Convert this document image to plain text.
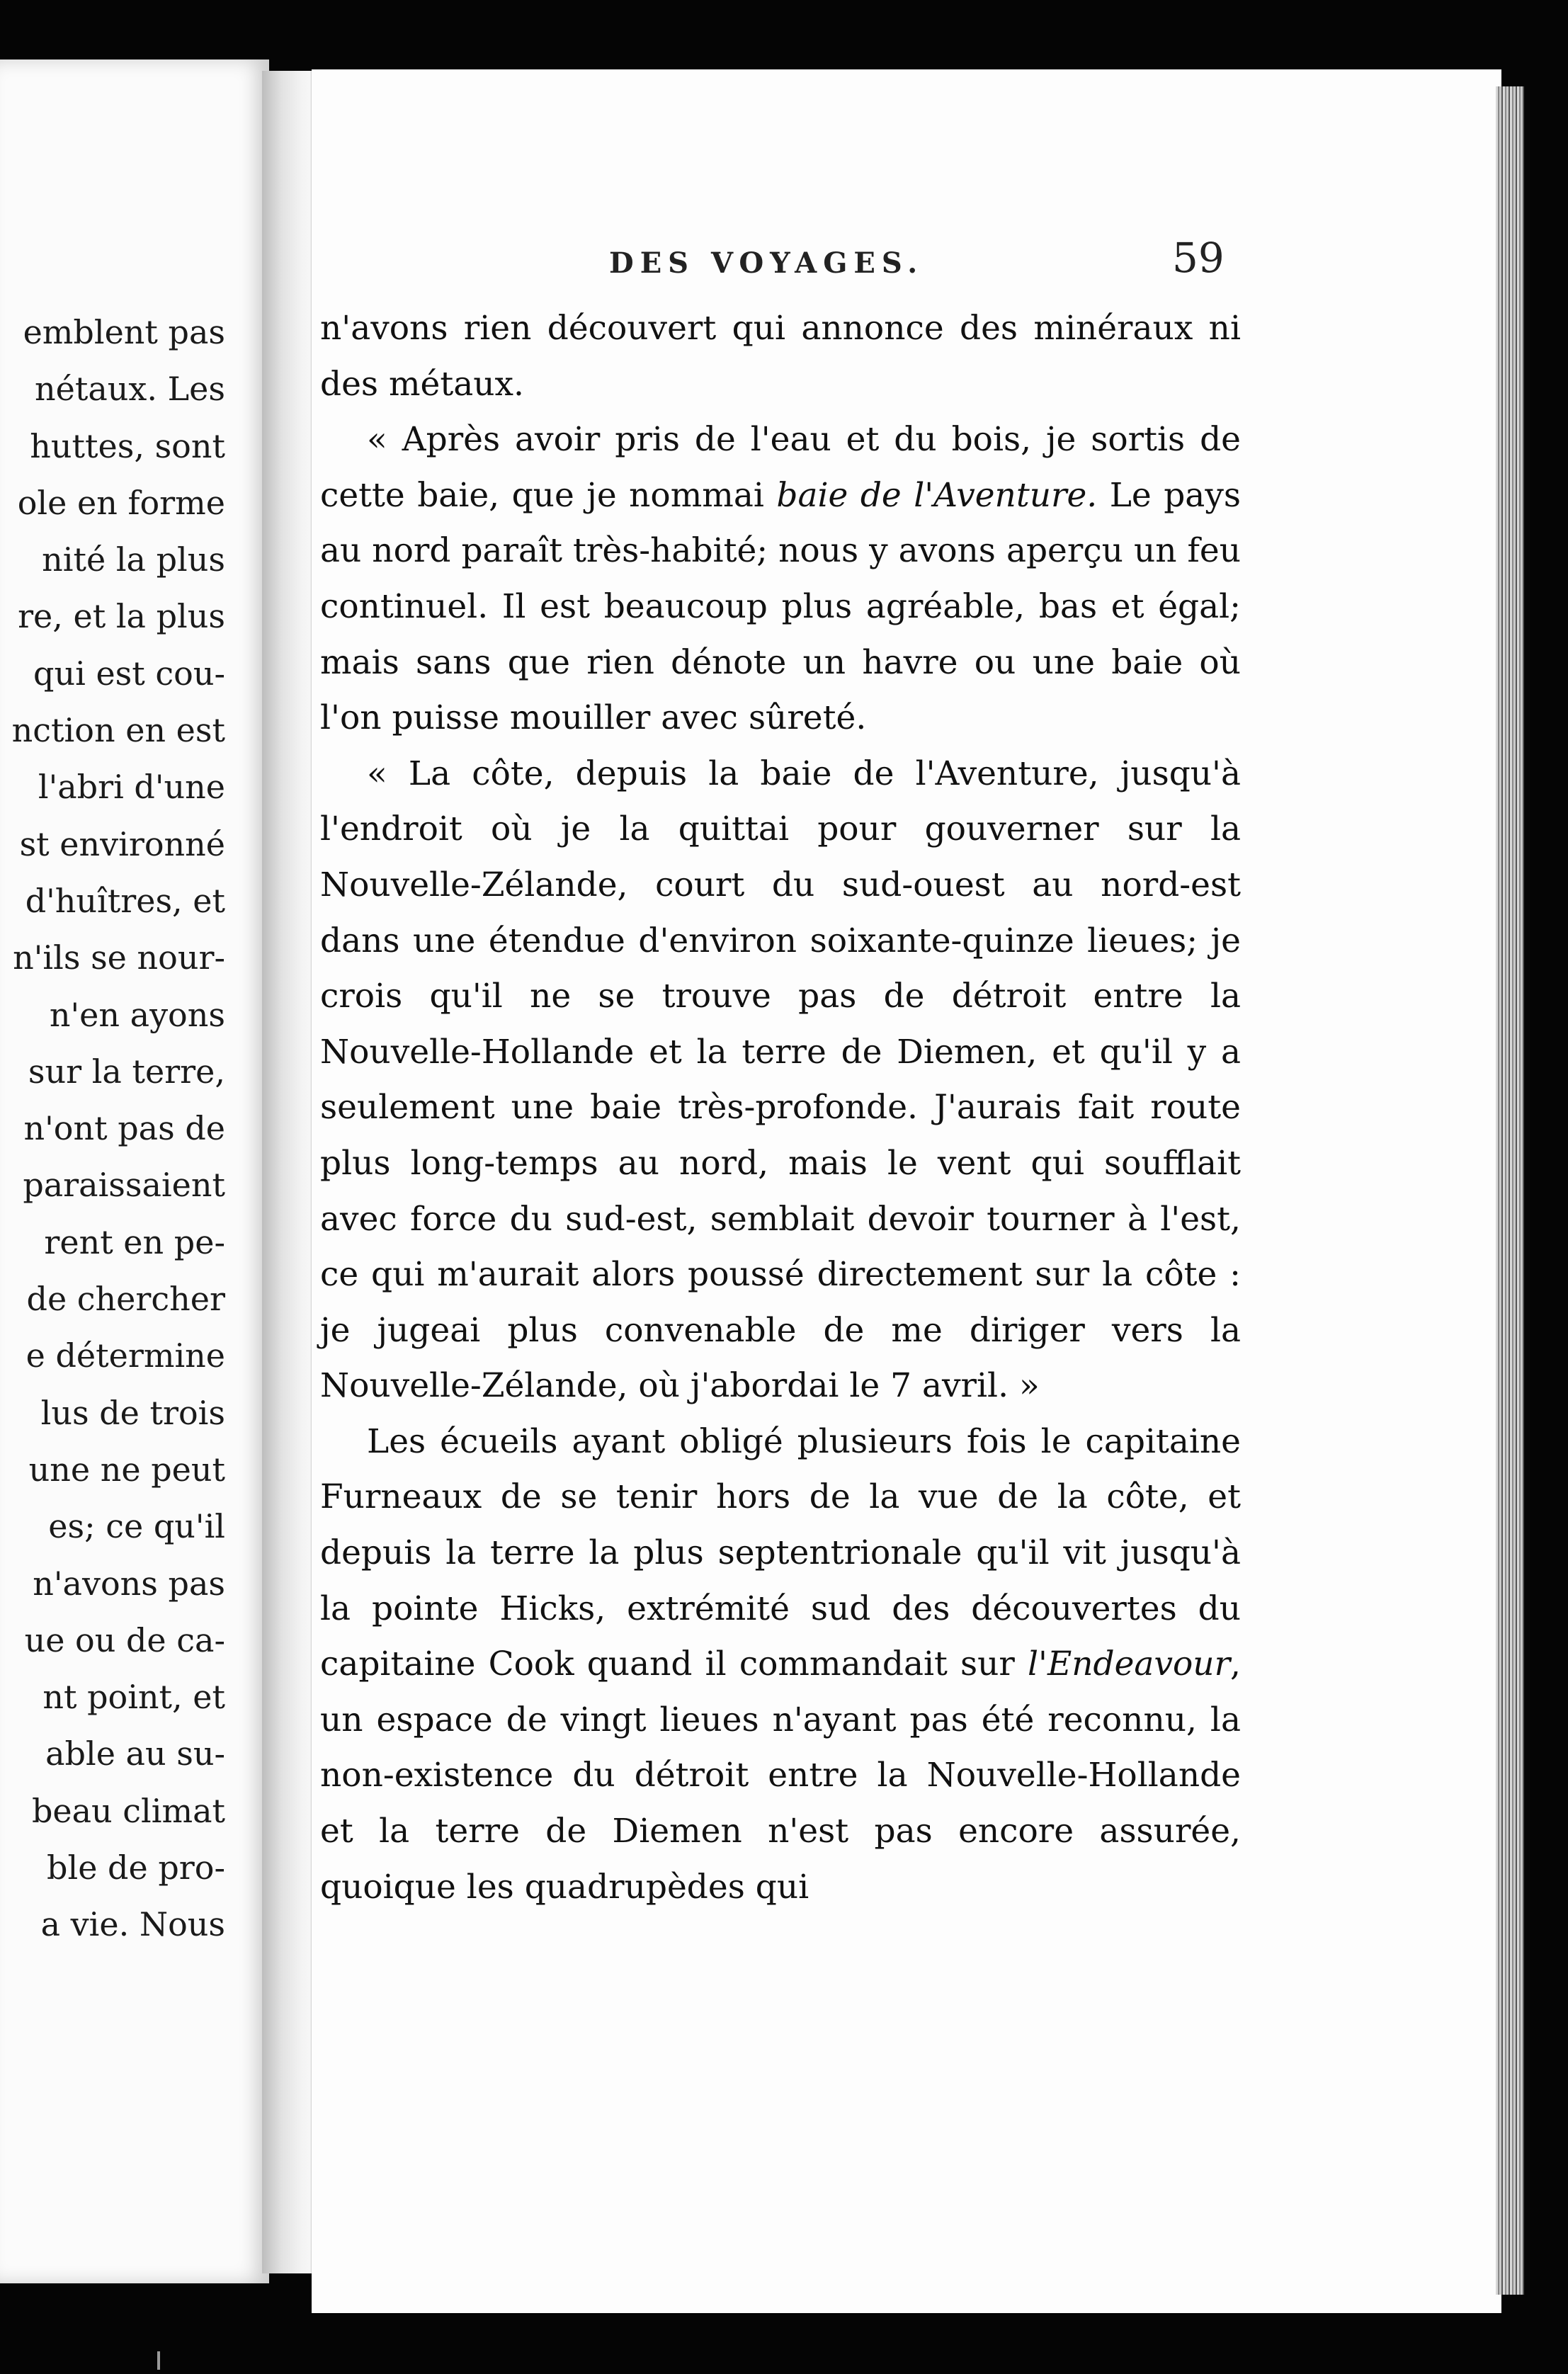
emblent pas
nétaux. Les
huttes, sont
ole en forme
nité la plus
re, et la plus
qui est cou-
nction en est
l'abri d'une
st environné
d'huîtres, et
n'ils se nour-
n'en ayons
sur la terre,
n'ont pas de
paraissaient
rent en pe-
de chercher
e détermine
lus de trois
une ne peut
es; ce qu'il
n'avons pas
ue ou de ca-
nt point, et
able au su-
beau climat
ble de pro-
a vie. Nous
DES VOYAGES.	59

n'avons rien découvert qui annonce des minéraux ni des métaux.

« Après avoir pris de l'eau et du bois, je sortis de cette baie, que je nommai baie de l'Aventure. Le pays au nord paraît très-habité; nous y avons aperçu un feu continuel. Il est beaucoup plus agréable, bas et égal; mais sans que rien dénote un havre ou une baie où l'on puisse mouiller avec sûreté.

« La côte, depuis la baie de l'Aventure, jusqu'à l'endroit où je la quittai pour gouverner sur la Nouvelle-Zélande, court du sud-ouest au nord-est dans une étendue d'environ soixante-quinze lieues; je crois qu'il ne se trouve pas de détroit entre la Nouvelle-Hollande et la terre de Diemen, et qu'il y a seulement une baie très-profonde. J'aurais fait route plus long-temps au nord, mais le vent qui soufflait avec force du sud-est, semblait devoir tourner à l'est, ce qui m'aurait alors poussé directement sur la côte : je jugeai plus convenable de me diriger vers la Nouvelle-Zélande, où j'abordai le 7 avril. »

Les écueils ayant obligé plusieurs fois le capitaine Furneaux de se tenir hors de la vue de la côte, et depuis la terre la plus septentrionale qu'il vit jusqu'à la pointe Hicks, extrémité sud des découvertes du capitaine Cook quand il commandait sur l'Endeavour, un espace de vingt lieues n'ayant pas été reconnu, la non-existence du détroit entre la Nouvelle-Hollande et la terre de Diemen n'est pas encore assurée, quoique les quadrupèdes qui
